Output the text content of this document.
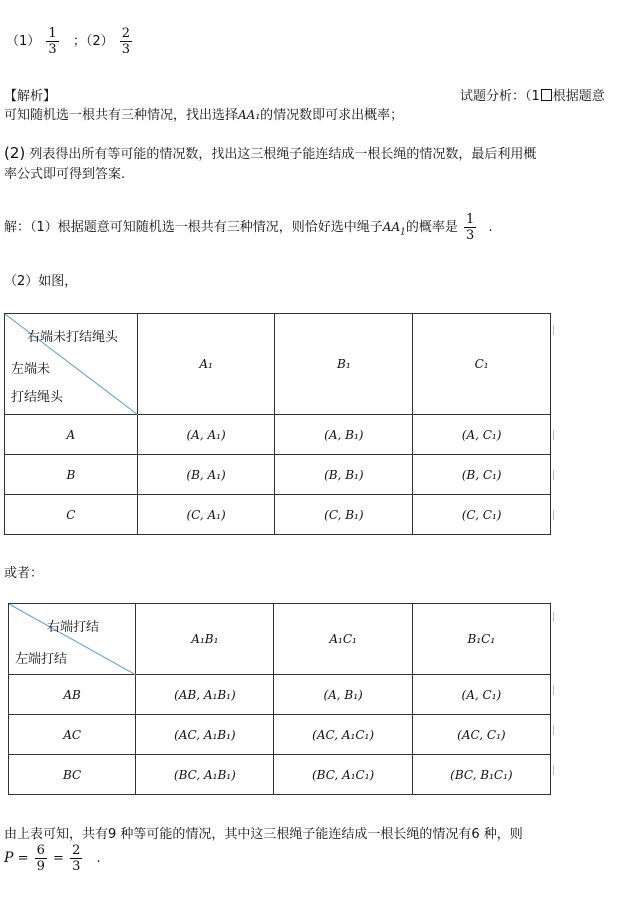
$(1) \frac{1}{3}$ ；$(2) \frac{2}{3}$
【解析】	试题分析：（1 根据题意
可知随机选一根共有三种情况，找出选择AA₁的情况数即可求出概率；
(2) 列表得出所有等可能的情况数，找出这三根绳子能连结成一根长绳的情况数，最后利用概
率公式即可得到答案.
解：（1）根据题意可知随机选一根共有三种情况，则恰好选中绳子$AA_1$的概率是 $\frac{1}{3}$ .
（2）如图，
右端未打结绳头
左端未
打结绳头	A₁	B₁	C₁
A	(A, A₁)	(A, B₁)	(A, C₁)
B	(B, A₁)	(B, B₁)	(B, C₁)
C	(C, A₁)	(C, B₁)	(C, C₁)
或者：
右端打结
左端打结	A₁B₁	A₁C₁	B₁C₁
AB	(AB, A₁B₁)	(A, B₁)	(A, C₁)
AC	(AC, A₁B₁)	(AC, A₁C₁)	(AC, C₁)
BC	(BC, A₁B₁)	(BC, A₁C₁)	(BC, B₁C₁)
由上表可知，共有9 种等可能的情况，其中这三根绳子能连结成一根长绳的情况有6 种，则
$P = \frac{6}{9} = \frac{2}{3}$ .
